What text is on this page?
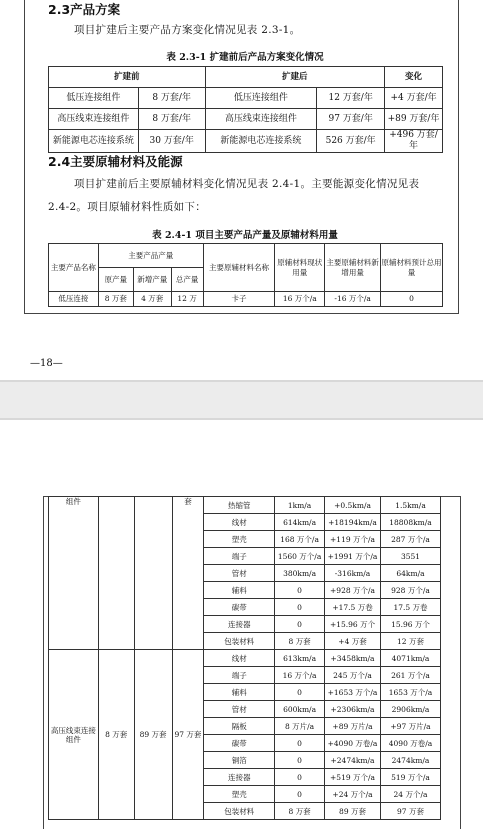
2.3产品方案
项目扩建后主要产品方案变化情况见表 2.3-1。
表 2.3-1 扩建前后产品方案变化情况
扩建前		扩建后		变化
低压连接组件	8 万套/年	低压连接组件	12 万套/年	+4 万套/年
高压线束连接组件	8 万套/年	高压线束连接组件	97 万套/年	+89 万套/年
新能源电芯连接系统	30 万套/年	新能源电芯连接系统	526 万套/年	+496 万套/年
2.4主要原辅材料及能源
项目扩建前后主要原辅材料变化情况见表 2.4-1。主要能源变化情况见表
2.4-2。项目原辅材料性质如下：
表 2.4-1 项目主要产品产量及原辅材料用量
主要产品名称	主要产品产量			主要原辅材料名称	原辅材料现状用量	主要原辅材料新增用量	原辅材料预计总用量
	原产量	新增产量	总产量				
低压连接	8 万套	4 万套	12 万	卡子	16 万个/a	-16 万个/a	0
—18—
组件			套	热缩管	1km/a	+0.5km/a	1.5km/a
				线材	614km/a	+18194km/a	18808km/a
				塑壳	168 万个/a	+119 万个/a	287 万个/a
				端子	1560 万个/a	+1991 万个/a	3551
				管材	380km/a	-316km/a	64km/a
				辅料	0	+928 万个/a	928 万个/a
				碳带	0	+17.5 万卷	17.5 万卷
				连接器	0	+15.96 万个	15.96 万个
				包装材料	8 万套	+4 万套	12 万套
高压线束连接组件	8 万套	89 万套	97 万套	线材	613km/a	+3458km/a	4071km/a
				端子	16 万个/a	245 万个/a	261 万个/a
				辅料	0	+1653 万个/a	1653 万个/a
				管材	600km/a	+2306km/a	2906km/a
				隔板	8 万片/a	+89 万片/a	+97 万片/a
				碳带	0	+4090 万卷/a	4090 万卷/a
				铜箔	0	+2474km/a	2474km/a
				连接器	0	+519 万个/a	519 万个/a
				塑壳	0	+24 万个/a	24 万个/a
				包装材料	8 万套	89 万套	97 万套
